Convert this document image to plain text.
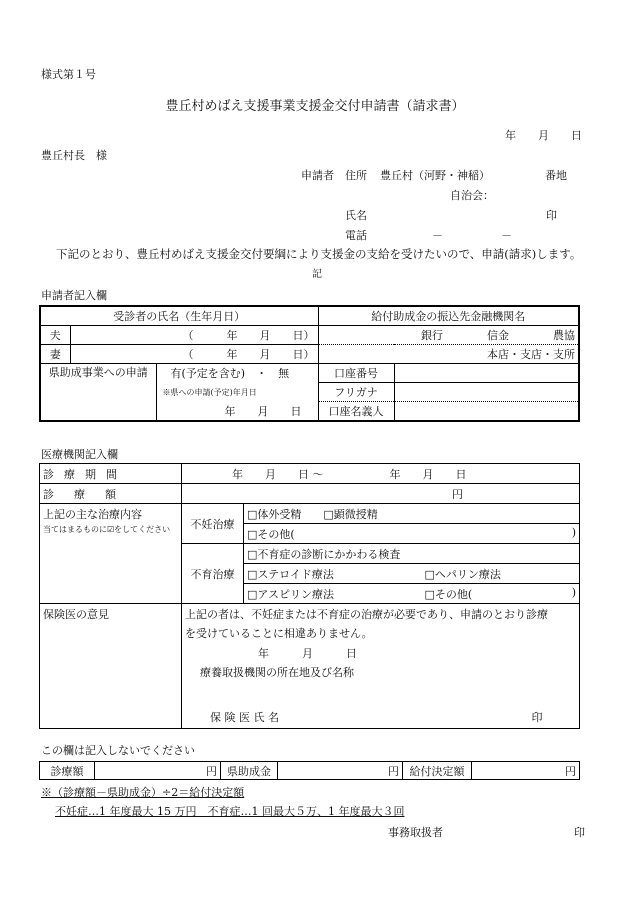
様式第１号
豊丘村めばえ支援事業支援金交付申請書（請求書）
年　　月　　日
豊丘村長　様
申請者 住所 豊丘村（河野・神稲）	番地
自治会：
氏名	印
電話	－	－
下記のとおり、豊丘村めばえ支援金交付要綱により支援金の支給を受けたいので、申請(請求)します。
記
申請者記入欄
受診者の氏名（生年月日）			給付助成金の振込先金融機関名	
夫	（　　　年　　月　　日）		銀行　　　　信金　　　　農協	
妻	（　　　年　　月　　日）		本店・支店・支所	
県助成事業への申請		有(予定を含む)　・　無	口座番号	
		※県への申請(予定)年月日	フリガナ	
		年　　月　　日	口座名義人	
医療機関記入欄
診療期間	年　　月　　日 ～　　　　　　年　　月　　日	
診療額	円	
上記の主な治療内容	不妊治療	□体外受精　　□顕微授精
当てはまるものに☑をしてください		□その他( )

	不育治療	□不育症の診断にかかわる検査
		□ステロイド療法 □ヘパリン療法

		□アスピリン療法 □その他( )

保険医の意見	上記の者は、不妊症または不育症の治療が必要であり、申請のとおり診療	
	を受けていることに相違ありません。	
	年　　　月　　　日	
	療養取扱機関の所在地及び名称	

	保 険 医 氏 名 印	
この欄は記入しないでください
診療額	円	県助成金	円	給付決定額	円
※（診療額－県助成金）÷2＝給付決定額
不妊症…1 年度最大 15 万円　不育症…1 回最大５万、1 年度最大３回
事務取扱者	印
